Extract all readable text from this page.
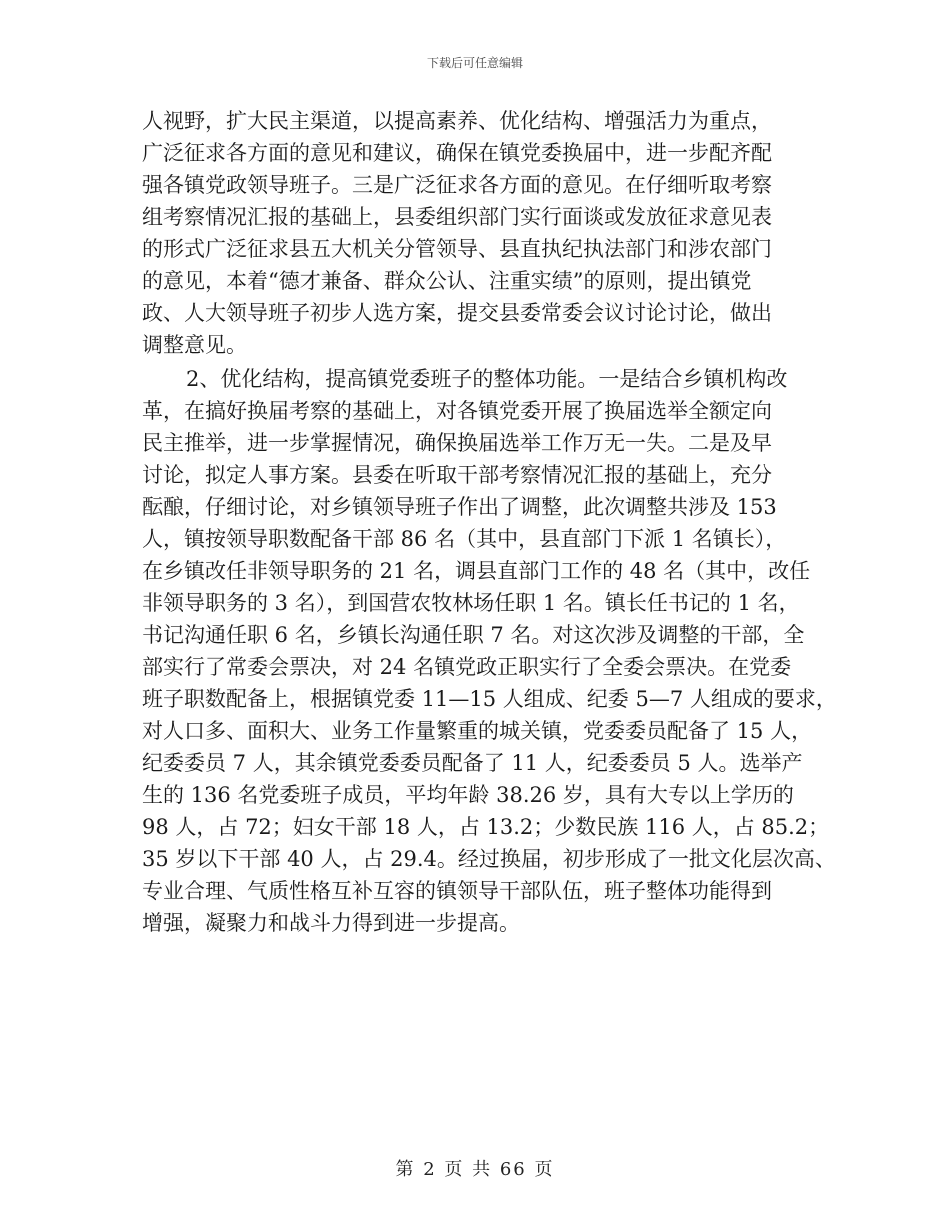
下载后可任意编辑
人视野，扩大民主渠道，以提高素养、优化结构、增强活力为重点，
广泛征求各方面的意见和建议，确保在镇党委换届中，进一步配齐配
强各镇党政领导班子。三是广泛征求各方面的意见。在仔细听取考察
组考察情况汇报的基础上，县委组织部门实行面谈或发放征求意见表
的形式广泛征求县五大机关分管领导、县直执纪执法部门和涉农部门
的意见，本着“德才兼备、群众公认、注重实绩”的原则，提出镇党
政、人大领导班子初步人选方案，提交县委常委会议讨论讨论，做出
调整意见。
2、优化结构，提高镇党委班子的整体功能。一是结合乡镇机构改
革，在搞好换届考察的基础上，对各镇党委开展了换届选举全额定向
民主推举，进一步掌握情况，确保换届选举工作万无一失。二是及早
讨论，拟定人事方案。县委在听取干部考察情况汇报的基础上，充分
酝酿，仔细讨论，对乡镇领导班子作出了调整，此次调整共涉及 153
人，镇按领导职数配备干部 86 名（其中，县直部门下派 1 名镇长），
在乡镇改任非领导职务的 21 名，调县直部门工作的 48 名（其中，改任
非领导职务的 3 名），到国营农牧林场任职 1 名。镇长任书记的 1 名，
书记沟通任职 6 名，乡镇长沟通任职 7 名。对这次涉及调整的干部，全
部实行了常委会票决，对 24 名镇党政正职实行了全委会票决。在党委
班子职数配备上，根据镇党委 11—15 人组成、纪委 5—7 人组成的要求，
对人口多、面积大、业务工作量繁重的城关镇，党委委员配备了 15 人，
纪委委员 7 人，其余镇党委委员配备了 11 人，纪委委员 5 人。选举产
生的 136 名党委班子成员，平均年龄 38.26 岁，具有大专以上学历的
98 人，占 72；妇女干部 18 人，占 13.2；少数民族 116 人，占 85.2；
35 岁以下干部 40 人，占 29.4。经过换届，初步形成了一批文化层次高、
专业合理、气质性格互补互容的镇领导干部队伍，班子整体功能得到
增强，凝聚力和战斗力得到进一步提高。
第 2 页 共 66 页
